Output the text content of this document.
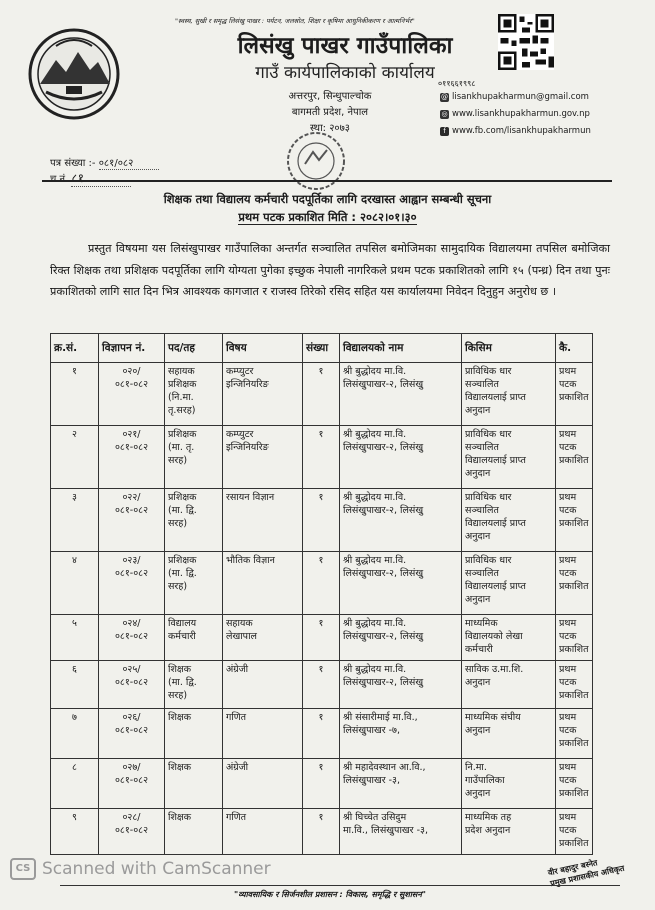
"स्वस्थ, सुखी र समृद्ध लिसंखु पाखर : पर्यटन, जलस्रोत, शिक्षा र कृषिमा आधुनिकीकरण र आत्मनिर्भर"
लिसंखु पाखर गाउँपालिका
गाउँ कार्यपालिकाको कार्यालय
अत्तरपुर, सिन्धुपाल्चोक
बागमती प्रदेश, नेपाल
स्था: २०७३
०११६६१९९८
@ lisankhupakharmun@gmail.com
◎ www.lisankhupakharmun.gov.np
f www.fb.com/lisankhupakharmun
पत्र संख्या :- ०८१/०८२
च.नं. ८१
शिक्षक तथा विद्यालय कर्मचारी पदपूर्तिका लागि दरखास्त आह्वान सम्बन्धी सूचना
प्रथम पटक प्रकाशित मिति : २०८२।०१।३०
प्रस्तुत विषयमा यस लिसंखुपाखर गाउँपालिका अन्तर्गत सञ्चालित तपसिल बमोजिमका सामुदायिक विद्यालयमा तपसिल बमोजिका रिक्त शिक्षक तथा प्रशिक्षक पदपूर्तिका लागि योग्यता पुगेका इच्छुक नेपाली नागरिकले प्रथम पटक प्रकाशितको लागि १५ (पन्ध्र) दिन तथा पुनः प्रकाशितको लागि सात दिन भित्र आवश्यक कागजात र राजस्व तिरेको रसिद सहित यस कार्यालयमा निवेदन दिनुहुन अनुरोध छ ।
क्र.सं.	विज्ञापन नं.	पद/तह	विषय	संख्या	विद्यालयको नाम	किसिम	कै.
१	०२०/
०८१-०८२	सहायक
प्रशिक्षक
(नि.मा.
तृ.सरह)	कम्प्युटर
इन्जिनियरिङ	१	श्री बुद्धोदय मा.वि.
लिसंखुपाखर-२, लिसंखु	प्राविधिक धार
सञ्चालित
विद्यालयलाई प्राप्त
अनुदान	प्रथम
पटक
प्रकाशित
२	०२१/
०८१-०८२	प्रशिक्षक
(मा. तृ.
सरह)	कम्प्युटर
इन्जिनियरिङ	१	श्री बुद्धोदय मा.वि.
लिसंखुपाखर-२, लिसंखु	प्राविधिक धार
सञ्चालित
विद्यालयलाई प्राप्त
अनुदान	प्रथम
पटक
प्रकाशित
३	०२२/
०८१-०८२	प्रशिक्षक
(मा. द्वि.
सरह)	रसायन विज्ञान	१	श्री बुद्धोदय मा.वि.
लिसंखुपाखर-२, लिसंखु	प्राविधिक धार
सञ्चालित
विद्यालयलाई प्राप्त
अनुदान	प्रथम
पटक
प्रकाशित
४	०२३/
०८१-०८२	प्रशिक्षक
(मा. द्वि.
सरह)	भौतिक विज्ञान	१	श्री बुद्धोदय मा.वि.
लिसंखुपाखर-२, लिसंखु	प्राविधिक धार
सञ्चालित
विद्यालयलाई प्राप्त
अनुदान	प्रथम
पटक
प्रकाशित
५	०२४/
०८१-०८२	विद्यालय
कर्मचारी	सहायक
लेखापाल	१	श्री बुद्धोदय मा.वि.
लिसंखुपाखर-२, लिसंखु	माध्यमिक
विद्यालयको लेखा
कर्मचारी	प्रथम
पटक
प्रकाशित
६	०२५/
०८१-०८२	शिक्षक
(मा. द्वि.
सरह)	अंग्रेजी	१	श्री बुद्धोदय मा.वि.
लिसंखुपाखर-२, लिसंखु	साविक उ.मा.शि.
अनुदान	प्रथम
पटक
प्रकाशित
७	०२६/
०८१-०८२	शिक्षक	गणित	१	श्री संसारीमाई मा.वि.,
लिसंखुपाखर -७,	माध्यमिक संघीय
अनुदान	प्रथम
पटक
प्रकाशित
८	०२७/
०८१-०८२	शिक्षक	अंग्रेजी	१	श्री महादेवस्थान आ.वि.,
लिसंखुपाखर -३,	नि.मा.
गाउँपालिका
अनुदान	प्रथम
पटक
प्रकाशित
९	०२८/
०८१-०८२	शिक्षक	गणित	१	श्री घिच्चेत उसिदुम
मा.वि., लिसंखुपाखर -३,	माध्यमिक तह
प्रदेश अनुदान	प्रथम
पटक
प्रकाशित
CS Scanned with CamScanner	वीर बहादुर बस्नेत
प्रमुख प्रशासकीय अधिकृत
"व्यावसायिक र सिर्जनशील प्रशासन : विकास, समृद्धि र सुशासन"
